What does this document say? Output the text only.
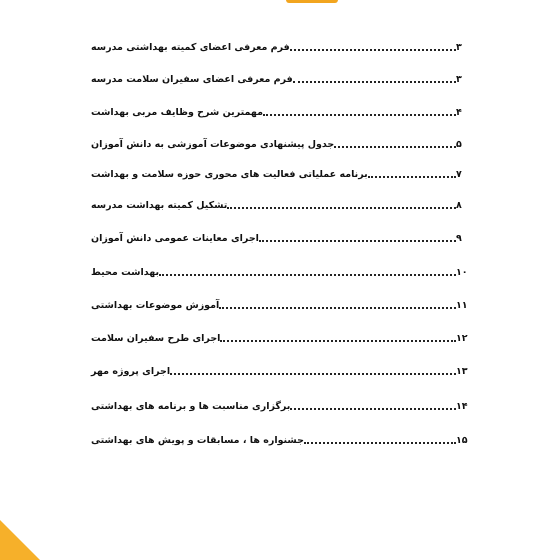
فرم معرفی اعضای کمیته بهداشتی مدرسه	۳
فرم معرفی اعضای سفیران سلامت مدرسه	۳
مهمترین شرح وظایف مربی بهداشت	۴
جدول پیشنهادی موضوعات آموزشی به دانش آموزان	۵
برنامه عملیاتی فعالیت های محوری حوزه سلامت و بهداشت	۷
تشکیل کمیته بهداشت مدرسه	۸
اجرای معاینات عمومی دانش آموزان	۹
بهداشت محیط	۱۰
آموزش موضوعات بهداشتی	۱۱
اجرای طرح سفیران سلامت	۱۲
اجرای پروژه مهر	۱۳
برگزاری مناسبت ها و برنامه های بهداشتی	۱۴
جشنواره ها ، مسابقات و پویش های بهداشتی	۱۵
